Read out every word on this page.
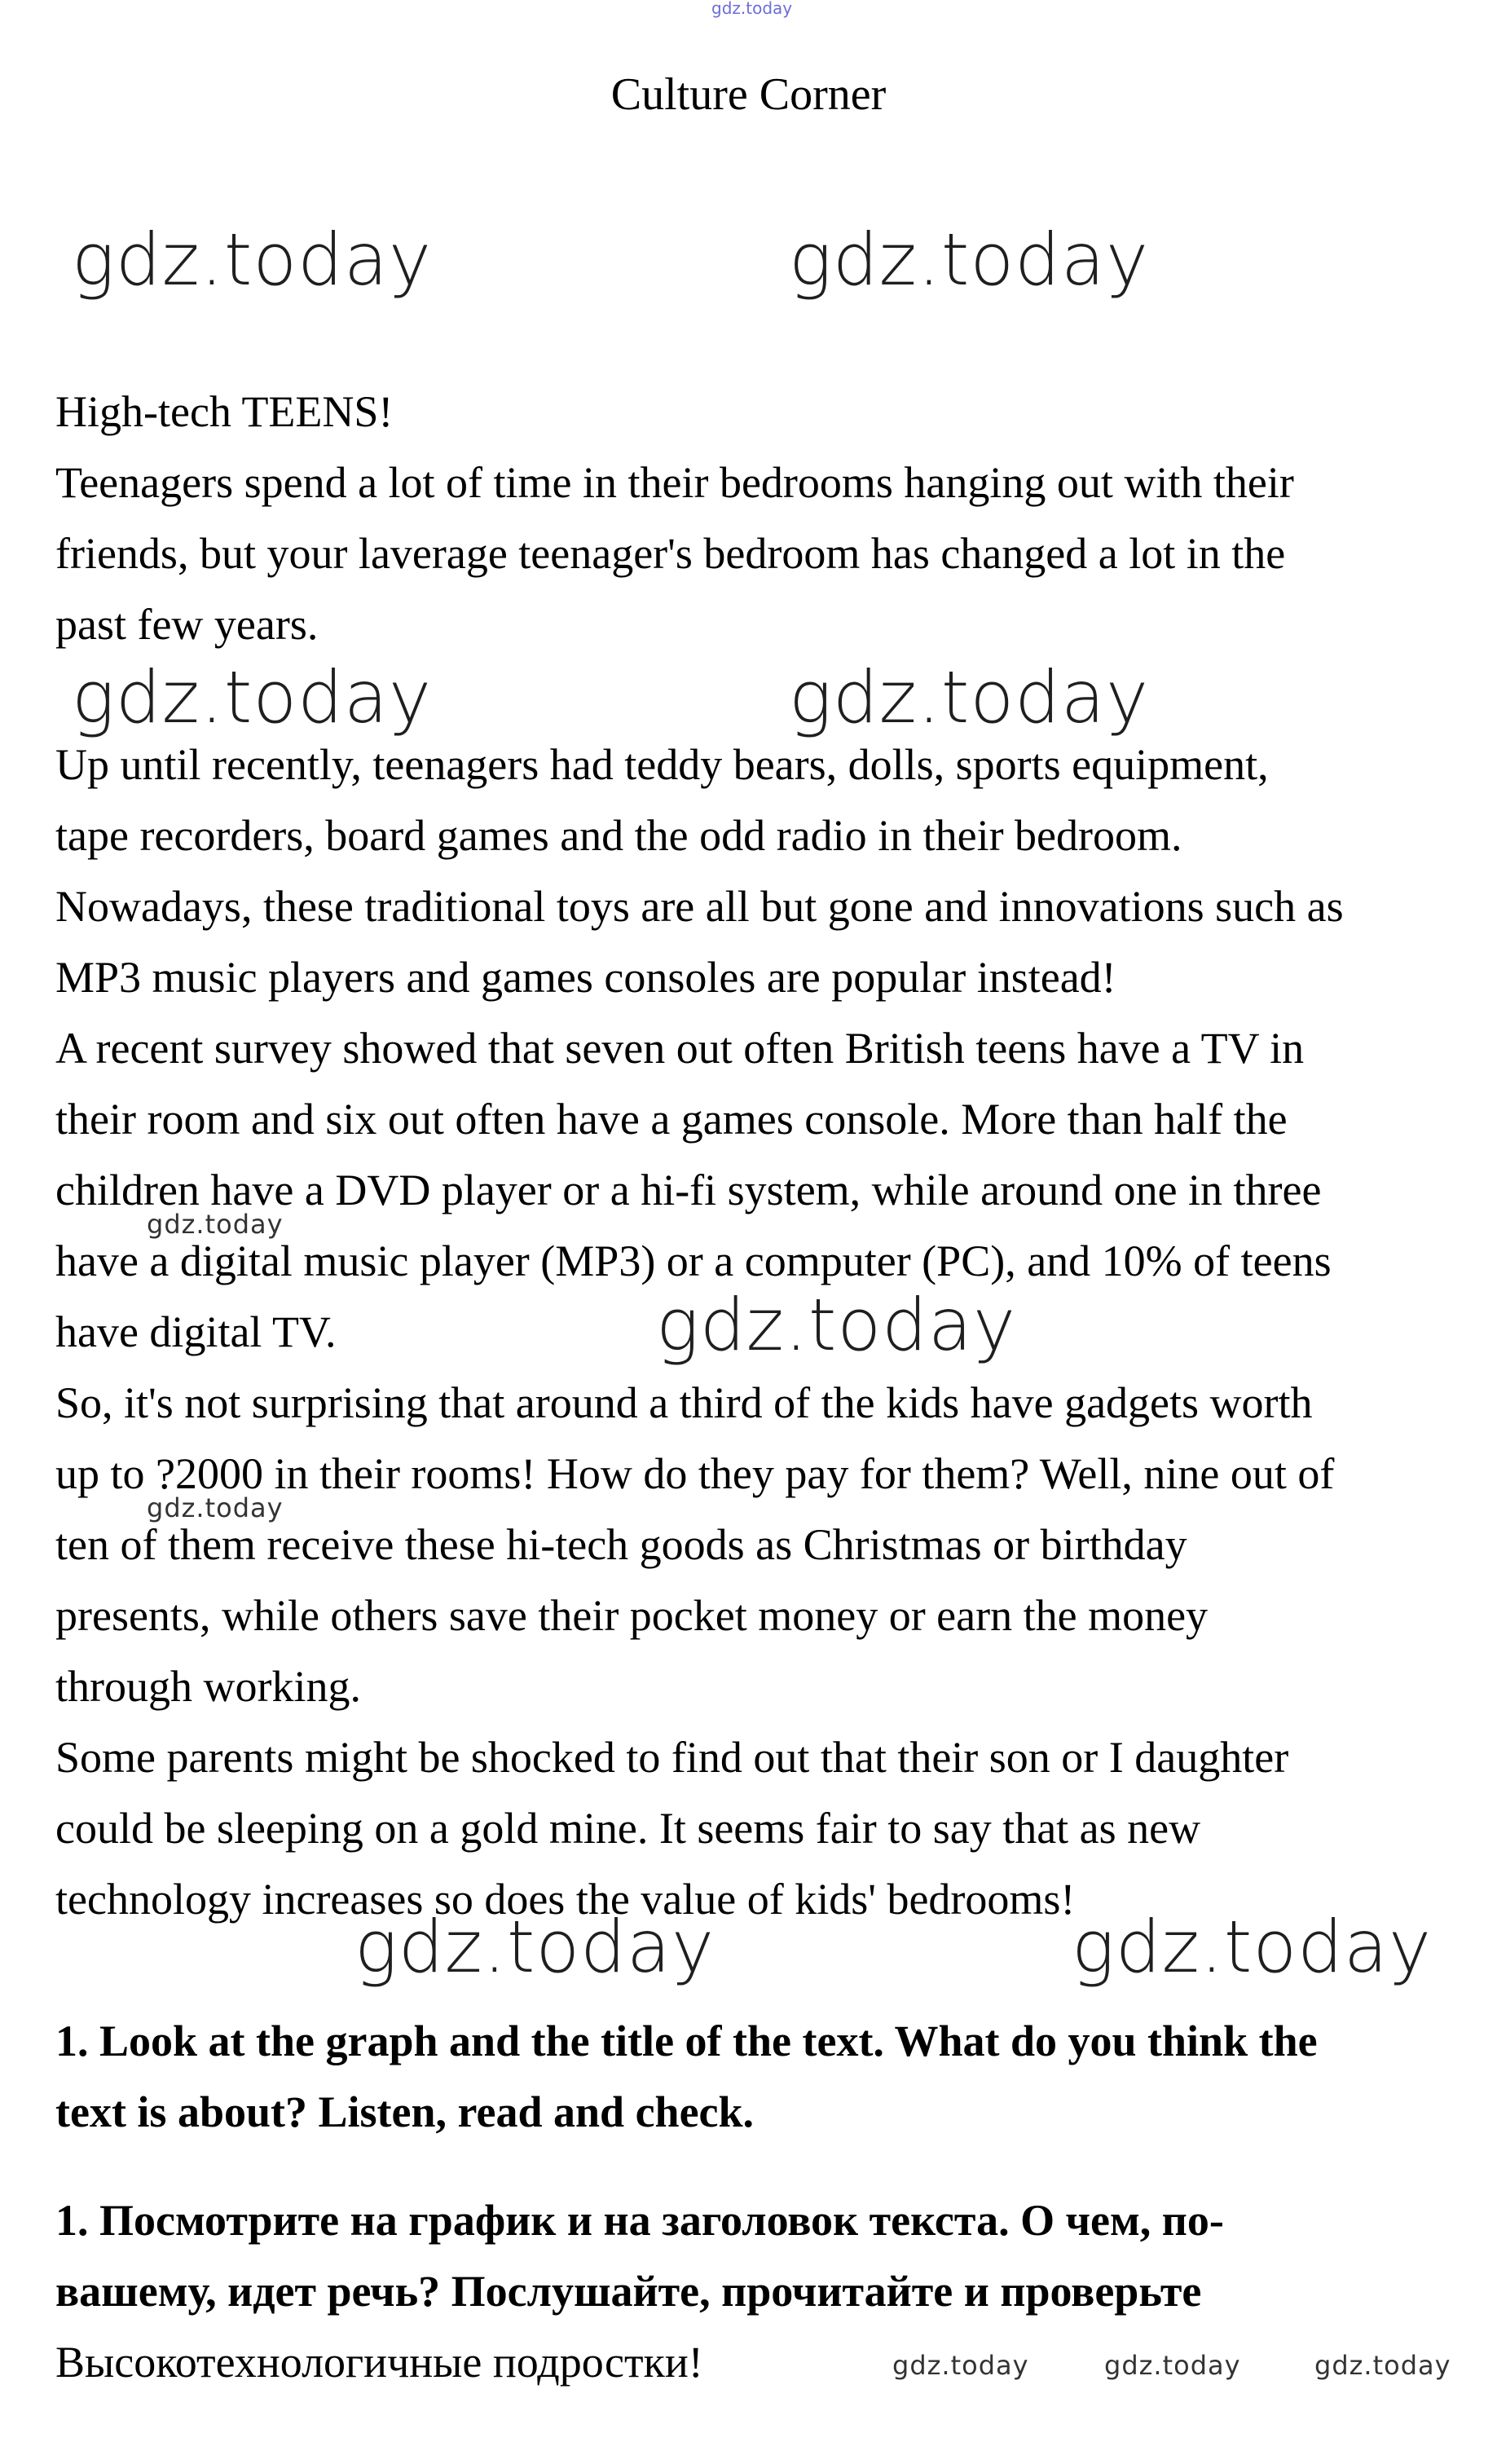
gdz.today
Culture Corner
gdz.today	gdz.today
High-tech TEENS!
Teenagers spend a lot of time in their bedrooms hanging out with their
friends, but your laverage teenager's bedroom has changed a lot in the
past few years.
gdz.today	gdz.today
Up until recently, teenagers had teddy bears, dolls, sports equipment,
tape recorders, board games and the odd radio in their bedroom.
Nowadays, these traditional toys are all but gone and innovations such as
MP3 music players and games consoles are popular instead!
A recent survey showed that seven out often British teens have a TV in
their room and six out often have a games console. More than half the
children have a DVD player or a hi-fi system, while around one in three
have a digital music player (MP3) or a computer (PC), and 10% of teens
have digital TV.
So, it's not surprising that around a third of the kids have gadgets worth
up to ?2000 in their rooms! How do they pay for them? Well, nine out of
ten of them receive these hi-tech goods as Christmas or birthday
presents, while others save their pocket money or earn the money
through working.
Some parents might be shocked to find out that their son or I daughter
could be sleeping on a gold mine. It seems fair to say that as new
technology increases so does the value of kids' bedrooms!
gdz.today
gdz.today
gdz.today
gdz.today	gdz.today
1. Look at the graph and the title of the text. What do you think the
text is about? Listen, read and check.
1. Посмотрите на график и на заголовок текста. О чем, по-
вашему, идет речь? Послушайте, прочитайте и проверьте
Высокотехнологичные подростки!	gdz.today	gdz.today	gdz.today
